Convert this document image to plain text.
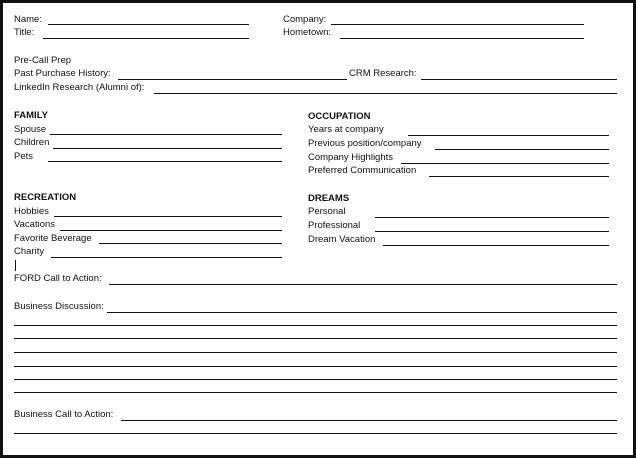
Name:
Title:
Company:
Hometown:
Pre-Call Prep
Past Purchase History:	CRM Research:
LinkedIn Research (Alumni of):
FAMILY
Spouse
Children
Pets
OCCUPATION
Years at company
Previous position/company
Company Highlights
Preferred Communication
RECREATION
Hobbies
Vacations
Favorite Beverage
Charity
DREAMS
Personal
Professional
Dream Vacation
FORD Call to Action:
Business Discussion:
Business Call to Action:
